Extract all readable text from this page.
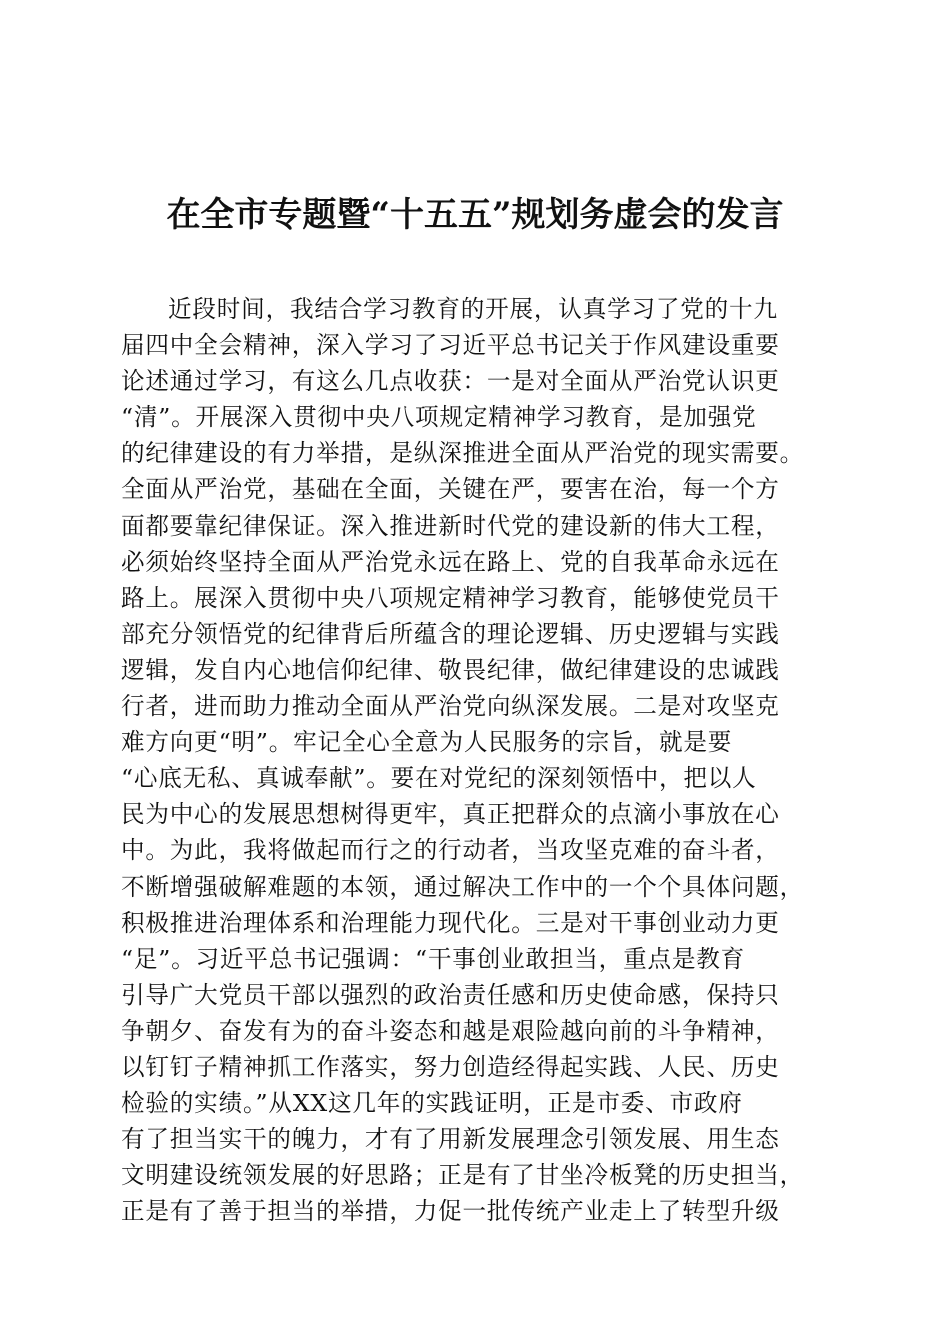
在全市专题暨“十五五”规划务虚会的发言
近段时间，我结合学习教育的开展，认真学习了党的十九
届四中全会精神，深入学习了习近平总书记关于作风建设重要
论述通过学习，有这么几点收获：一是对全面从严治党认识更
“清”。开展深入贯彻中央八项规定精神学习教育，是加强党
的纪律建设的有力举措，是纵深推进全面从严治党的现实需要。
全面从严治党，基础在全面，关键在严，要害在治，每一个方
面都要靠纪律保证。深入推进新时代党的建设新的伟大工程，
必须始终坚持全面从严治党永远在路上、党的自我革命永远在
路上。展深入贯彻中央八项规定精神学习教育，能够使党员干
部充分领悟党的纪律背后所蕴含的理论逻辑、历史逻辑与实践
逻辑，发自内心地信仰纪律、敬畏纪律，做纪律建设的忠诚践
行者，进而助力推动全面从严治党向纵深发展。二是对攻坚克
难方向更“明”。牢记全心全意为人民服务的宗旨，就是要
“心底无私、真诚奉献”。要在对党纪的深刻领悟中，把以人
民为中心的发展思想树得更牢，真正把群众的点滴小事放在心
中。为此，我将做起而行之的行动者，当攻坚克难的奋斗者，
不断增强破解难题的本领，通过解决工作中的一个个具体问题，
积极推进治理体系和治理能力现代化。三是对干事创业动力更
“足”。习近平总书记强调：“干事创业敢担当，重点是教育
引导广大党员干部以强烈的政治责任感和历史使命感，保持只
争朝夕、奋发有为的奋斗姿态和越是艰险越向前的斗争精神，
以钉钉子精神抓工作落实，努力创造经得起实践、人民、历史
检验的实绩。”从XX这几年的实践证明，正是市委、市政府
有了担当实干的魄力，才有了用新发展理念引领发展、用生态
文明建设统领发展的好思路；正是有了甘坐冷板凳的历史担当，
正是有了善于担当的举措，力促一批传统产业走上了转型升级
